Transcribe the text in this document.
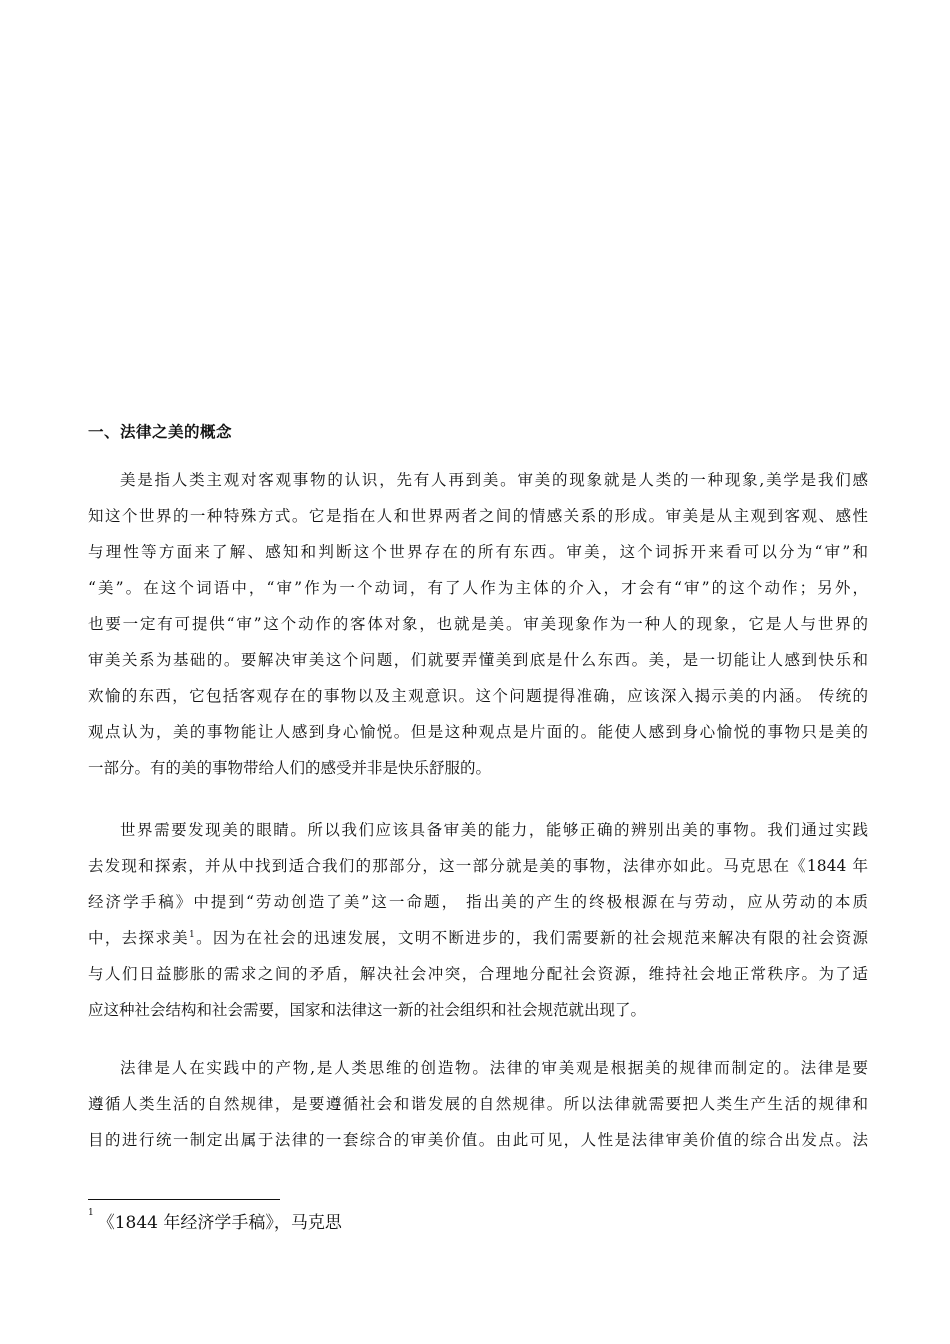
一、法律之美的概念
美是指人类主观对客观事物的认识，先有人再到美。审美的现象就是人类的一种现象,美学是我们感
知这个世界的一种特殊方式。它是指在人和世界两者之间的情感关系的形成。审美是从主观到客观、感性
与理性等方面来了解、感知和判断这个世界存在的所有东西。审美，这个词拆开来看可以分为“审”和
“美”。在这个词语中，“审”作为一个动词，有了人作为主体的介入，才会有“审”的这个动作；另外，
也要一定有可提供“审”这个动作的客体对象，也就是美。审美现象作为一种人的现象，它是人与世界的
审美关系为基础的。要解决审美这个问题，们就要弄懂美到底是什么东西。美，是一切能让人感到快乐和
欢愉的东西，它包括客观存在的事物以及主观意识。这个问题提得准确，应该深入揭示美的内涵。 传统的
观点认为，美的事物能让人感到身心愉悦。但是这种观点是片面的。能使人感到身心愉悦的事物只是美的
一部分。有的美的事物带给人们的感受并非是快乐舒服的。
世界需要发现美的眼睛。所以我们应该具备审美的能力，能够正确的辨别出美的事物。我们通过实践
去发现和探索，并从中找到适合我们的那部分，这一部分就是美的事物，法律亦如此。马克思在《1844 年
经济学手稿》中提到“劳动创造了美”这一命题， 指出美的产生的终极根源在与劳动，应从劳动的本质
中，去探求美$^1$。因为在社会的迅速发展，文明不断进步的，我们需要新的社会规范来解决有限的社会资源
与人们日益膨胀的需求之间的矛盾，解决社会冲突，合理地分配社会资源，维持社会地正常秩序。为了适
应这种社会结构和社会需要，国家和法律这一新的社会组织和社会规范就出现了。
法律是人在实践中的产物,是人类思维的创造物。法律的审美观是根据美的规律而制定的。法律是要
遵循人类生活的自然规律，是要遵循社会和谐发展的自然规律。所以法律就需要把人类生产生活的规律和
目的进行统一制定出属于法律的一套综合的审美价值。由此可见，人性是法律审美价值的综合出发点。法

$^1$ 《1844 年经济学手稿》，马克思
